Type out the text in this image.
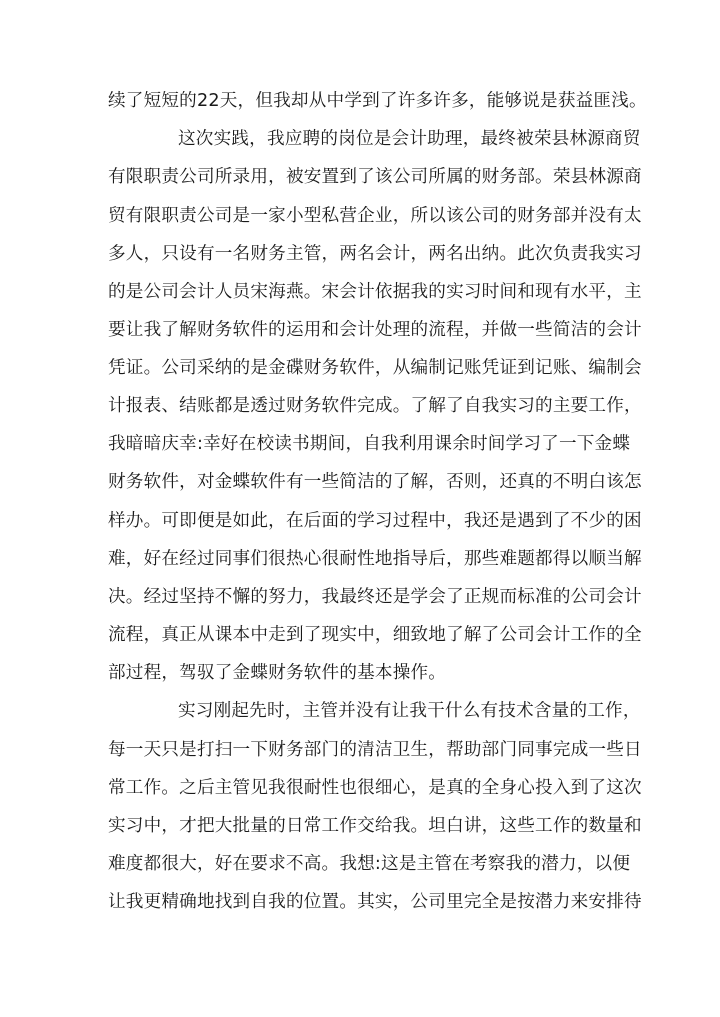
续了短短的22天，但我却从中学到了许多许多，能够说是获益匪浅。
这次实践，我应聘的岗位是会计助理，最终被荣县林源商贸
有限职责公司所录用，被安置到了该公司所属的财务部。荣县林源商
贸有限职责公司是一家小型私营企业，所以该公司的财务部并没有太
多人，只设有一名财务主管，两名会计，两名出纳。此次负责我实习
的是公司会计人员宋海燕。宋会计依据我的实习时间和现有水平，主
要让我了解财务软件的运用和会计处理的流程，并做一些简洁的会计
凭证。公司采纳的是金碟财务软件，从编制记账凭证到记账、编制会
计报表、结账都是透过财务软件完成。了解了自我实习的主要工作，
我暗暗庆幸:幸好在校读书期间，自我利用课余时间学习了一下金蝶
财务软件，对金蝶软件有一些简洁的了解，否则，还真的不明白该怎
样办。可即便是如此，在后面的学习过程中，我还是遇到了不少的困
难，好在经过同事们很热心很耐性地指导后，那些难题都得以顺当解
决。经过坚持不懈的努力，我最终还是学会了正规而标准的公司会计
流程，真正从课本中走到了现实中，细致地了解了公司会计工作的全
部过程，驾驭了金蝶财务软件的基本操作。
实习刚起先时，主管并没有让我干什么有技术含量的工作，
每一天只是打扫一下财务部门的清洁卫生，帮助部门同事完成一些日
常工作。之后主管见我很耐性也很细心，是真的全身心投入到了这次
实习中，才把大批量的日常工作交给我。坦白讲，这些工作的数量和
难度都很大，好在要求不高。我想:这是主管在考察我的潜力，以便
让我更精确地找到自我的位置。其实，公司里完全是按潜力来安排待
